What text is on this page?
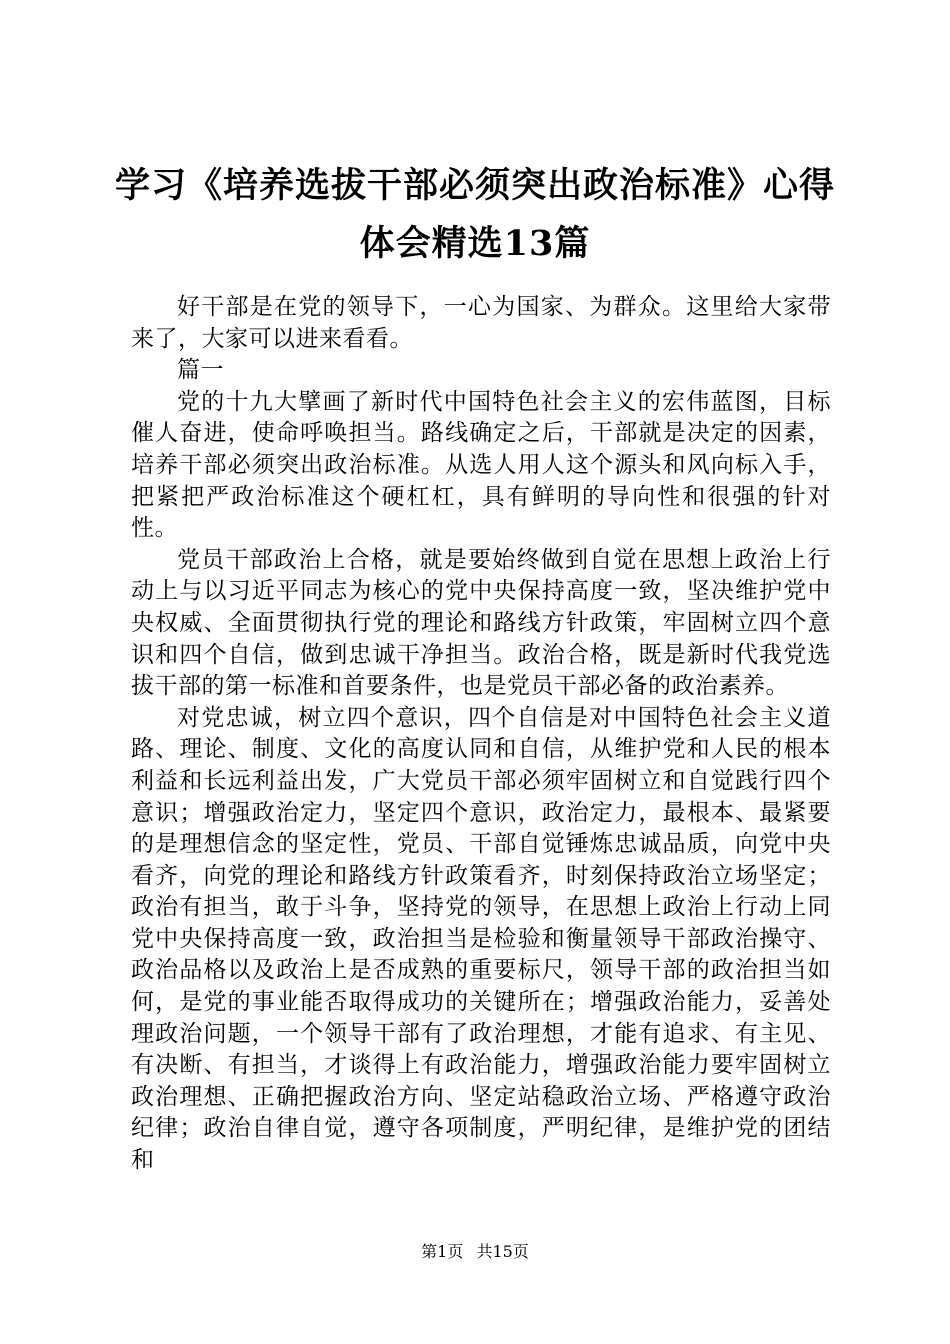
学习《培养选拔干部必须突出政治标准》心得
体会精选13篇

好干部是在党的领导下，一心为国家、为群众。这里给大家带来了，大家可以进来看看。

篇一

党的十九大擘画了新时代中国特色社会主义的宏伟蓝图，目标催人奋进，使命呼唤担当。路线确定之后，干部就是决定的因素，培养干部必须突出政治标准。从选人用人这个源头和风向标入手，把紧把严政治标准这个硬杠杠，具有鲜明的导向性和很强的针对性。

党员干部政治上合格，就是要始终做到自觉在思想上政治上行动上与以习近平同志为核心的党中央保持高度一致，坚决维护党中央权威、全面贯彻执行党的理论和路线方针政策，牢固树立四个意识和四个自信，做到忠诚干净担当。政治合格，既是新时代我党选拔干部的第一标准和首要条件，也是党员干部必备的政治素养。

对党忠诚，树立四个意识，四个自信是对中国特色社会主义道路、理论、制度、文化的高度认同和自信，从维护党和人民的根本利益和长远利益出发，广大党员干部必须牢固树立和自觉践行四个意识；增强政治定力，坚定四个意识，政治定力，最根本、最紧要的是理想信念的坚定性，党员、干部自觉锤炼忠诚品质，向党中央看齐，向党的理论和路线方针政策看齐，时刻保持政治立场坚定；政治有担当，敢于斗争，坚持党的领导，在思想上政治上行动上同党中央保持高度一致，政治担当是检验和衡量领导干部政治操守、政治品格以及政治上是否成熟的重要标尺，领导干部的政治担当如何，是党的事业能否取得成功的关键所在；增强政治能力，妥善处理政治问题，一个领导干部有了政治理想，才能有追求、有主见、有决断、有担当，才谈得上有政治能力，增强政治能力要牢固树立政治理想、正确把握政治方向、坚定站稳政治立场、严格遵守政治纪律；政治自律自觉，遵守各项制度，严明纪律，是维护党的团结和

第1页 共15页
